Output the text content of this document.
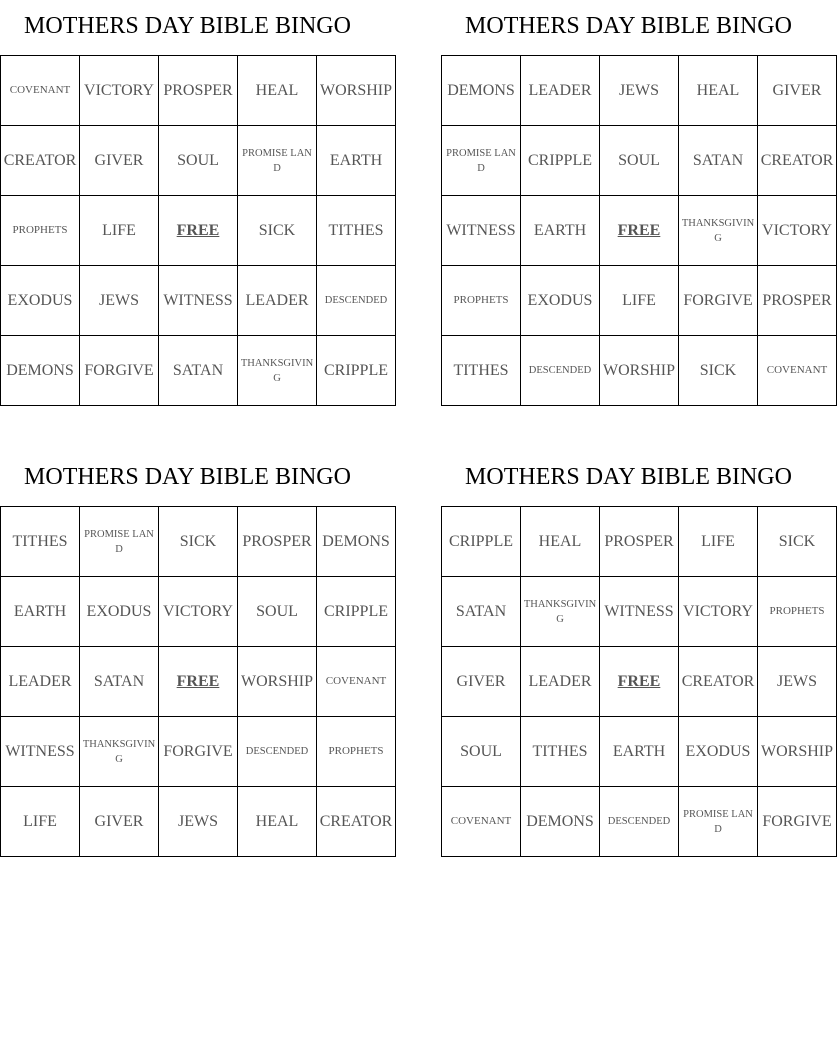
MOTHERS DAY BIBLE BINGO
COVENANT	VICTORY	PROSPER	HEAL	WORSHIP
CREATOR	GIVER	SOUL	PROMISE LAND	EARTH
PROPHETS	LIFE	FREE	SICK	TITHES
EXODUS	JEWS	WITNESS	LEADER	DESCENDED
DEMONS	FORGIVE	SATAN	THANKSGIVING	CRIPPLE
MOTHERS DAY BIBLE BINGO
DEMONS	LEADER	JEWS	HEAL	GIVER
PROMISE LAND	CRIPPLE	SOUL	SATAN	CREATOR
WITNESS	EARTH	FREE	THANKSGIVING	VICTORY
PROPHETS	EXODUS	LIFE	FORGIVE	PROSPER
TITHES	DESCENDED	WORSHIP	SICK	COVENANT
MOTHERS DAY BIBLE BINGO
TITHES	PROMISE LAND	SICK	PROSPER	DEMONS
EARTH	EXODUS	VICTORY	SOUL	CRIPPLE
LEADER	SATAN	FREE	WORSHIP	COVENANT
WITNESS	THANKSGIVING	FORGIVE	DESCENDED	PROPHETS
LIFE	GIVER	JEWS	HEAL	CREATOR
MOTHERS DAY BIBLE BINGO
CRIPPLE	HEAL	PROSPER	LIFE	SICK
SATAN	THANKSGIVING	WITNESS	VICTORY	PROPHETS
GIVER	LEADER	FREE	CREATOR	JEWS
SOUL	TITHES	EARTH	EXODUS	WORSHIP
COVENANT	DEMONS	DESCENDED	PROMISE LAND	FORGIVE
